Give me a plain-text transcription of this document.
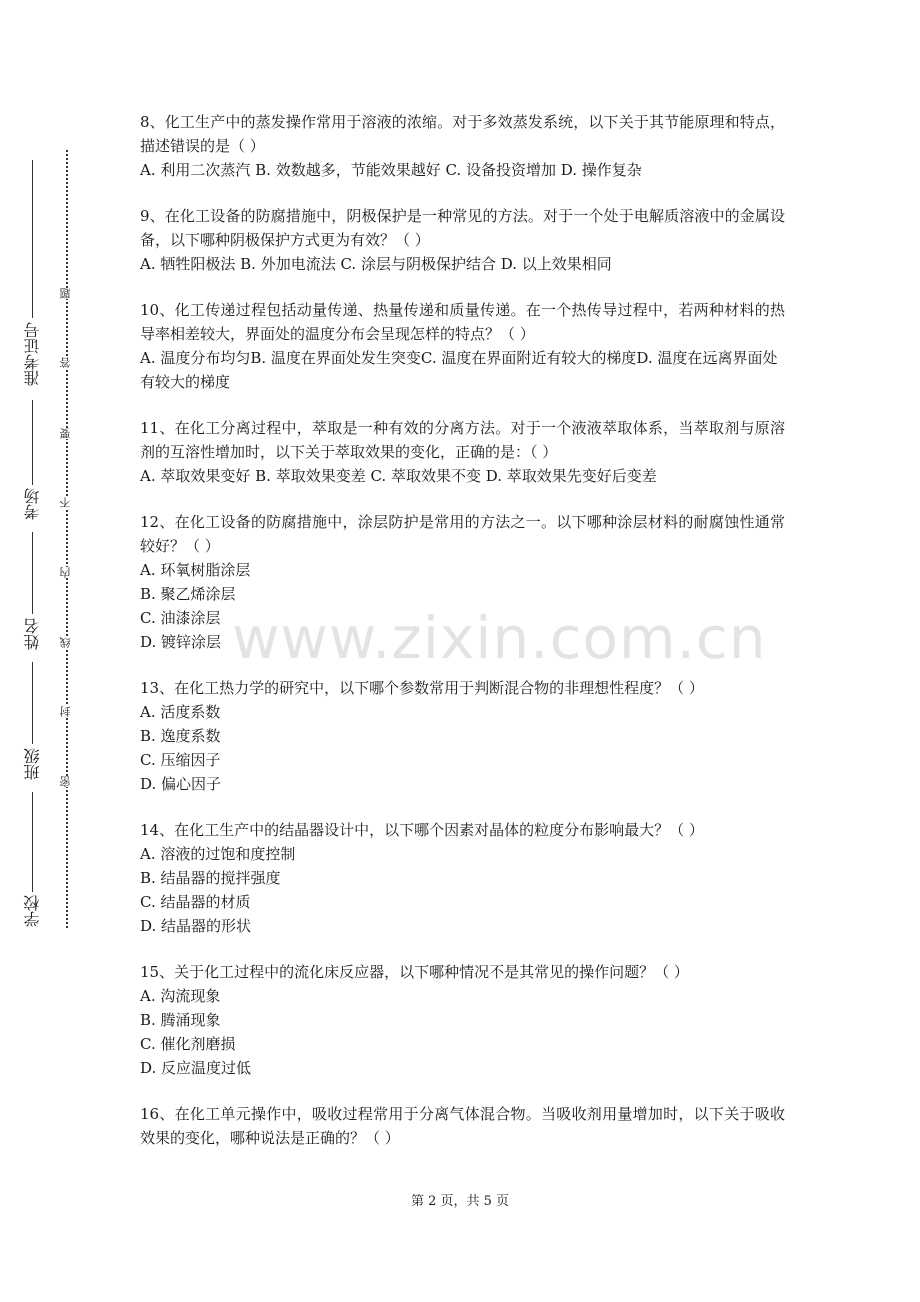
学校
班级
姓名
考场
准考证号
题
答
要
不
内
线
封
密

8、化工生产中的蒸发操作常用于溶液的浓缩。对于多效蒸发系统，以下关于其节能原理和特点，描述错误的是（ ）

A. 利用二次蒸汽 B. 效数越多，节能效果越好 C. 设备投资增加 D. 操作复杂

9、在化工设备的防腐措施中，阴极保护是一种常见的方法。对于一个处于电解质溶液中的金属设备，以下哪种阴极保护方式更为有效？（ ）

A. 牺牲阳极法 B. 外加电流法 C. 涂层与阴极保护结合 D. 以上效果相同

10、化工传递过程包括动量传递、热量传递和质量传递。在一个热传导过程中，若两种材料的热导率相差较大，界面处的温度分布会呈现怎样的特点？（ ）

A. 温度分布均匀B. 温度在界面处发生突变C. 温度在界面附近有较大的梯度D. 温度在远离界面处有较大的梯度

11、在化工分离过程中，萃取是一种有效的分离方法。对于一个液液萃取体系，当萃取剂与原溶剂的互溶性增加时，以下关于萃取效果的变化，正确的是：（ ）

A. 萃取效果变好 B. 萃取效果变差 C. 萃取效果不变 D. 萃取效果先变好后变差

12、在化工设备的防腐措施中，涂层防护是常用的方法之一。以下哪种涂层材料的耐腐蚀性通常较好？（ ）

A. 环氧树脂涂层

B. 聚乙烯涂层

C. 油漆涂层

D. 镀锌涂层

13、在化工热力学的研究中，以下哪个参数常用于判断混合物的非理想性程度？（ ）

A. 活度系数

B. 逸度系数

C. 压缩因子

D. 偏心因子

14、在化工生产中的结晶器设计中，以下哪个因素对晶体的粒度分布影响最大？（ ）

A. 溶液的过饱和度控制

B. 结晶器的搅拌强度

C. 结晶器的材质

D. 结晶器的形状

15、关于化工过程中的流化床反应器，以下哪种情况不是其常见的操作问题？（ ）

A. 沟流现象

B. 腾涌现象

C. 催化剂磨损

D. 反应温度过低

16、在化工单元操作中，吸收过程常用于分离气体混合物。当吸收剂用量增加时，以下关于吸收效果的变化，哪种说法是正确的？（ ）

www.zixin.com.cn
第 2 页，共 5 页
